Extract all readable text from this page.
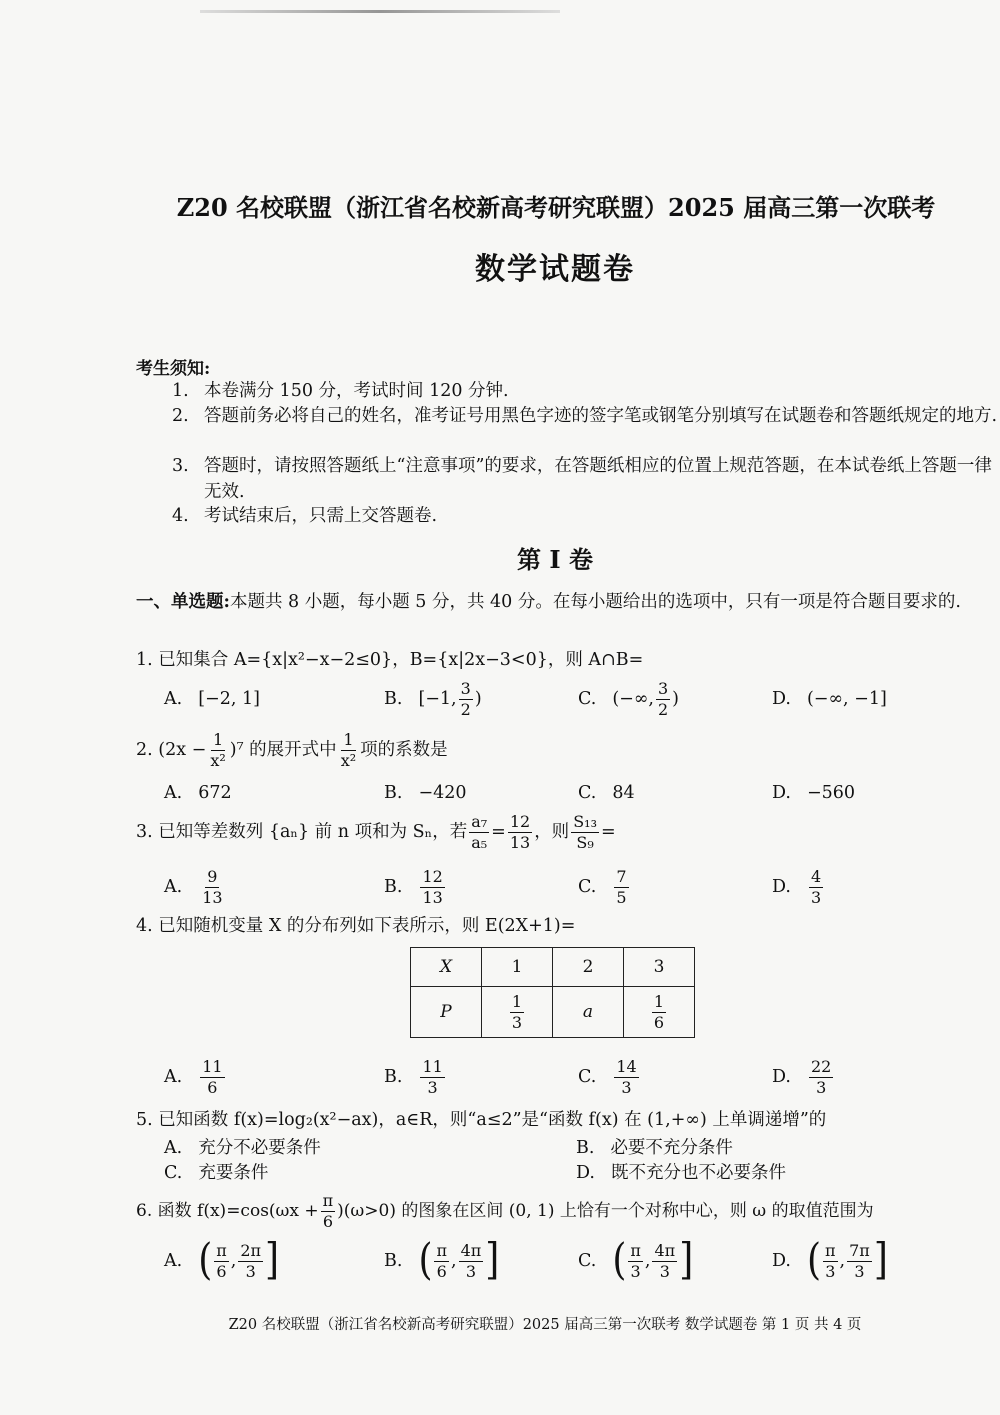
Z20 名校联盟（浙江省名校新高考研究联盟）2025 届高三第一次联考
数学试题卷
考生须知:
1. 本卷满分 150 分，考试时间 120 分钟.
2. 答题前务必将自己的姓名，准考证号用黑色字迹的签字笔或钢笔分别填写在试题卷和答题纸规定的地方.
3. 答题时，请按照答题纸上“注意事项”的要求，在答题纸相应的位置上规范答题，在本试卷纸上答题一律无效.
4. 考试结束后，只需上交答题卷.
第 I 卷
一、单选题:本题共 8 小题，每小题 5 分，共 40 分。在每小题给出的选项中，只有一项是符合题目要求的.
1. 已知集合 A={x|x²−x−2≤0}，B={x|2x−3<0}，则 A∩B=
A. [−2, 1]	B. [−1, $\frac{3}{2}$ )	C. (−∞, $\frac{3}{2}$ )	D. (−∞, −1]
2.
$(2x - \frac{1}{\text{x²}} )^7$ 的展开式中 $\frac{1}{\text{x²}}$ 项的系数是
A. 672	B. −420	C. 84	D. −560
3.
已知等差数列 {aₙ} 前 n 项和为 Sₙ，若 $\frac{\text{a₇}}{\text{a₅}} = \frac{12}{13}$ ，则 $\frac{\text{S₁₃}}{\text{S₉}}$ =
A. $\frac{9}{13}$	B. $\frac{12}{13}$	C. $\frac{7}{5}$	D. $\frac{4}{3}$
4. 已知随机变量 X 的分布列如下表所示，则 E(2X+1)=
X	1	2	3
P	$\frac{1}{3}$	a	$\frac{1}{6}$
A. $\frac{11}{6}$	B. $\frac{11}{3}$	C. $\frac{14}{3}$	D. $\frac{22}{3}$
5. 已知函数 f(x)=log₂(x²−ax)，a∈R，则“a≤2”是“函数 f(x) 在 (1,+∞) 上单调递增”的
A. 充分不必要条件	B. 必要不充分条件
C. 充要条件	D. 既不充分也不必要条件
6.
函数 $f(x)=\cos(\omega x + \frac{\pi}{6} )(\omega>0)$ 的图象在区间 (0, 1) 上恰有一个对称中心，则 ω 的取值范围为
A. ( $\frac{\pi}{6}$ , $\frac{2\pi}{3}$ ]	B. ( $\frac{\pi}{6}$ , $\frac{4\pi}{3}$ ]	C. ( $\frac{\pi}{3}$ , $\frac{4\pi}{3}$ ]	D. ( $\frac{\pi}{3}$ , $\frac{7\pi}{3}$ ]
Z20 名校联盟（浙江省名校新高考研究联盟）2025 届高三第一次联考 数学试题卷 第 1 页 共 4 页
